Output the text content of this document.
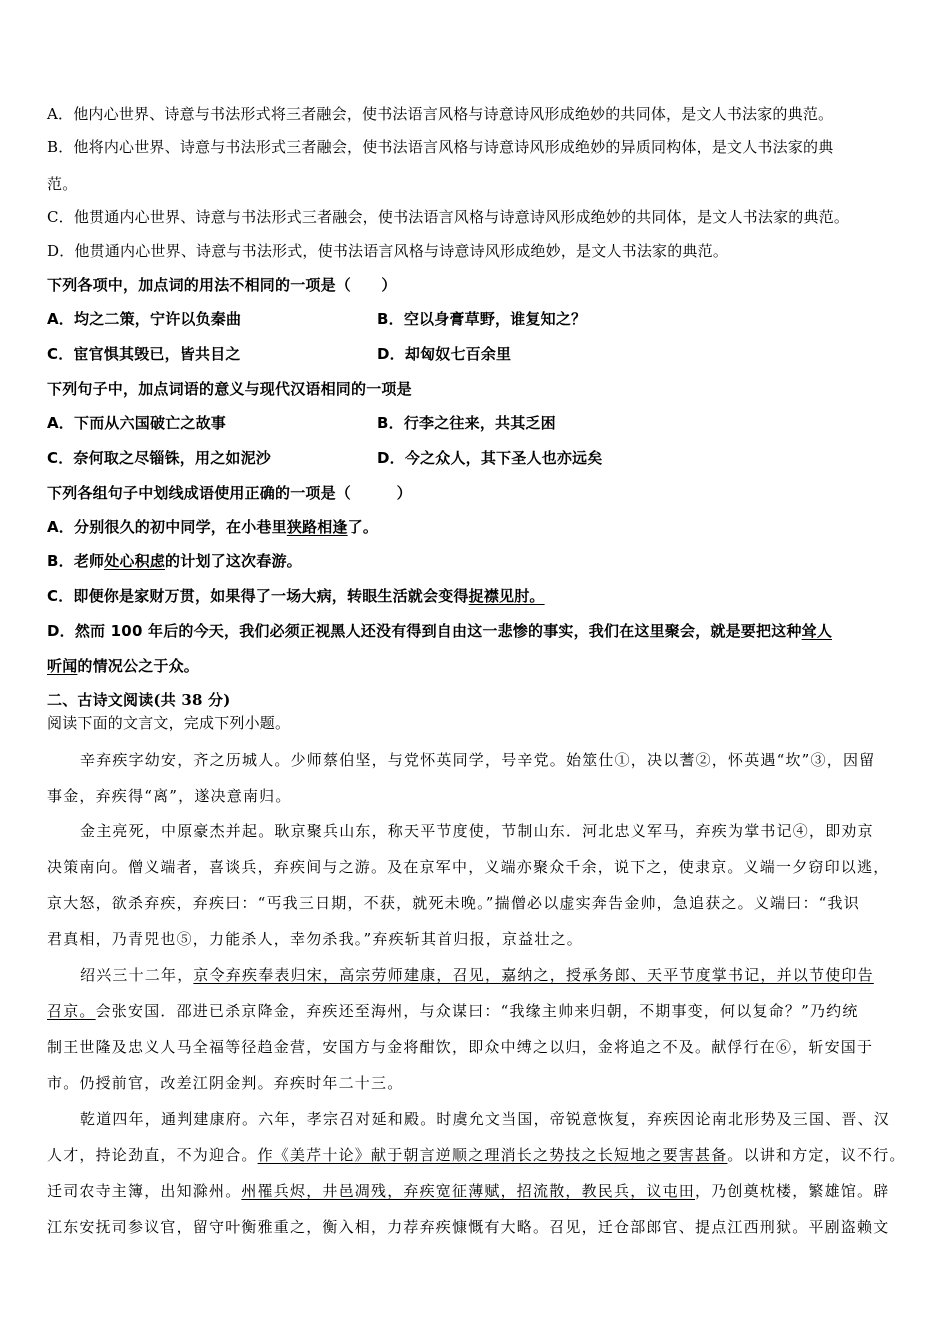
A．他内心世界、诗意与书法形式将三者融会，使书法语言风格与诗意诗风形成绝妙的共同体，是文人书法家的典范。
B．他将内心世界、诗意与书法形式三者融会，使书法语言风格与诗意诗风形成绝妙的异质同构体，是文人书法家的典
范。
C．他贯通内心世界、诗意与书法形式三者融会，使书法语言风格与诗意诗风形成绝妙的共同体，是文人书法家的典范。
D．他贯通内心世界、诗意与书法形式，使书法语言风格与诗意诗风形成绝妙，是文人书法家的典范。
下列各项中，加点词的用法不相同的一项是（　　）
A．均之二策，宁许以负秦曲	B．空以身膏草野，谁复知之？
C．宦官惧其毁已，皆共目之	D．却匈奴七百余里
下列句子中，加点词语的意义与现代汉语相同的一项是
A．下而从六国破亡之故事	B．行李之往来，共其乏困
C．奈何取之尽锱铢，用之如泥沙	D．今之众人，其下圣人也亦远矣
下列各组句子中划线成语使用正确的一项是（　　　）
A．分别很久的初中同学，在小巷里狭路相逢了。
B．老师处心积虑的计划了这次春游。
C．即便你是家财万贯，如果得了一场大病，转眼生活就会变得捉襟见肘。
D．然而 100 年后的今天，我们必须正视黑人还没有得到自由这一悲惨的事实，我们在这里聚会，就是要把这种耸人
听闻的情况公之于众。
二、古诗文阅读(共 38 分)
阅读下面的文言文，完成下列小题。
辛弃疾字幼安，齐之历城人。少师蔡伯坚，与党怀英同学，号辛党。始筮仕①，决以蓍②，怀英遇“坎”③，因留
事金，弃疾得“离”，遂决意南归。
金主亮死，中原豪杰并起。耿京聚兵山东，称天平节度使，节制山东．河北忠义军马，弃疾为掌书记④，即劝京
决策南向。僧义端者，喜谈兵，弃疾间与之游。及在京军中，义端亦聚众千余，说下之，使隶京。义端一夕窃印以逃，
京大怒，欲杀弃疾，弃疾曰：“丐我三日期，不获，就死未晚。”揣僧必以虚实奔告金帅，急追获之。义端曰：“我识
君真相，乃青兕也⑤，力能杀人，幸勿杀我。”弃疾斩其首归报，京益壮之。
绍兴三十二年，京令弃疾奉表归宋，高宗劳师建康，召见，嘉纳之，授承务郎、天平节度掌书记，并以节使印告
召京。会张安国．邵进已杀京降金，弃疾还至海州，与众谋曰：“我缘主帅来归朝，不期事变，何以复命？”乃约统
制王世隆及忠义人马全福等径趋金营，安国方与金将酣饮，即众中缚之以归，金将追之不及。献俘行在⑥，斩安国于
市。仍授前官，改差江阴金判。弃疾时年二十三。
乾道四年，通判建康府。六年，孝宗召对延和殿。时虞允文当国，帝锐意恢复，弃疾因论南北形势及三国、晋、汉
人才，持论劲直，不为迎合。作《美芹十论》献于朝言逆顺之理消长之势技之长短地之要害甚备。以讲和方定，议不行。
迁司农寺主簿，出知滁州。州罹兵烬，井邑凋残，弃疾宽征薄赋，招流散，教民兵，议屯田，乃创奠枕楼，繁雄馆。辟
江东安抚司参议官，留守叶衡雅重之，衡入相，力荐弃疾慷慨有大略。召见，迁仓部郎官、提点江西刑狱。平剧盗赖文
